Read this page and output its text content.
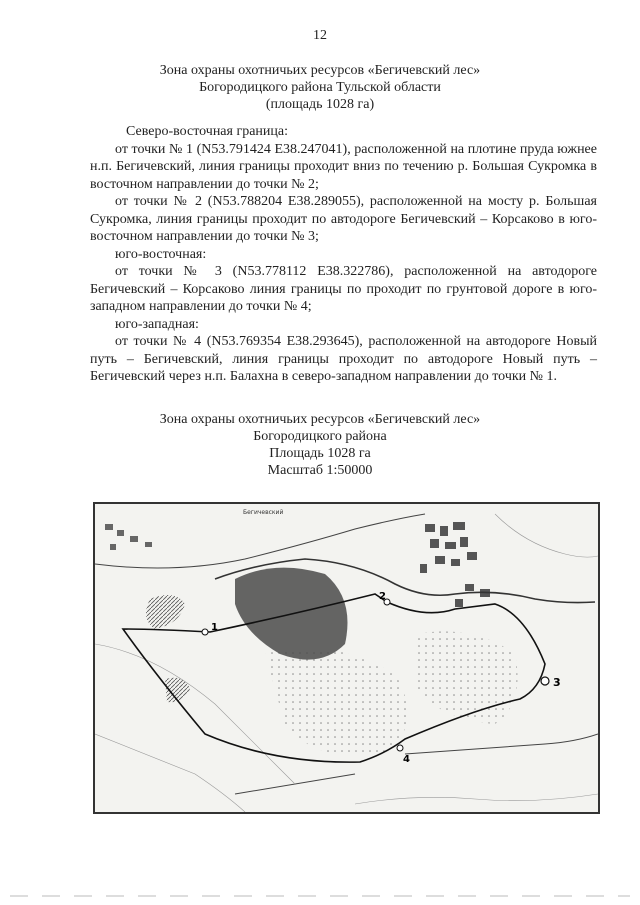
12
Зона охраны охотничьих ресурсов «Бегичевский лес»
Богородицкого района Тульской области
(площадь 1028 га)

Северо-восточная граница:

от точки № 1 (N53.791424 E38.247041), расположенной на плотине пруда южнее н.п. Бегичевский, линия границы проходит вниз по течению р. Большая Сукромка в восточном направлении до точки № 2;

от точки № 2 (N53.788204 E38.289055), расположенной на мосту р. Большая Сукромка, линия границы проходит по автодороге Бегичевский – Корсаково в юго-восточном направлении до точки № 3;

юго-восточная:

от точки № 3 (N53.778112 E38.322786), расположенной на автодороге Бегичевский – Корсаково линия границы по проходит по грунтовой дороге в юго-западном направлении до точки № 4;

юго-западная:

от точки № 4 (N53.769354 E38.293645), расположенной на автодороге Новый путь – Бегичевский, линия границы проходит по автодороге Новый путь – Бегичевский через н.п. Балахна в северо-западном направлении до точки № 1.

Зона охраны охотничьих ресурсов «Бегичевский лес»
Богородицкого района
Площадь 1028 га
Масштаб 1:50000
1
2
3
4
Бегичевский
